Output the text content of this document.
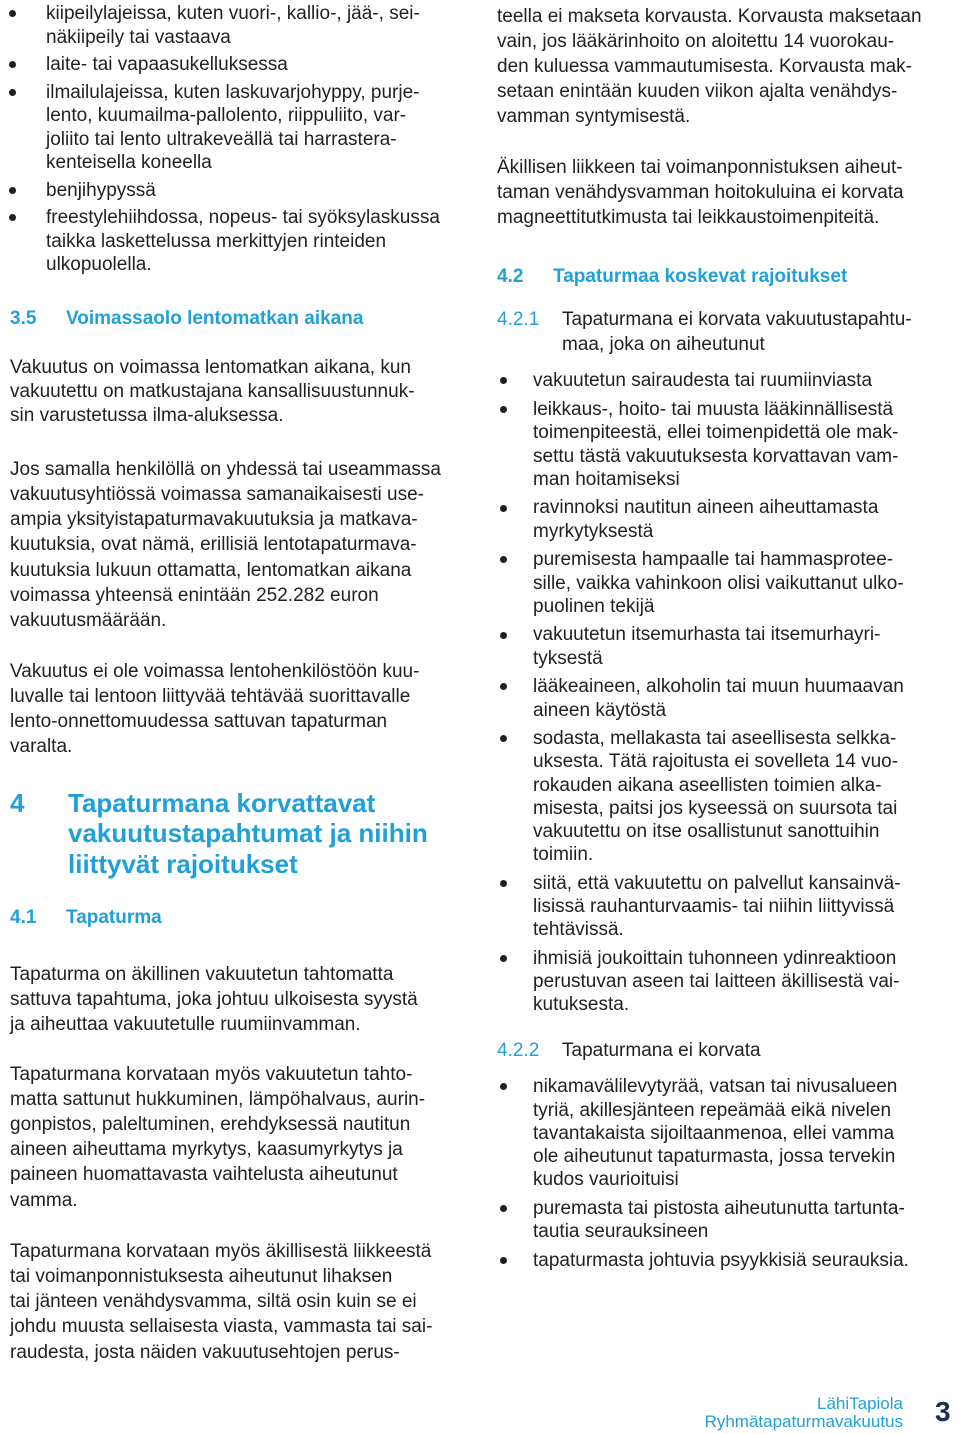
kiipeilylajeissa, kuten vuori-, kallio-, jää-, sei-
näkiipeily tai vastaava
laite- tai vapaasukelluksessa
ilmailulajeissa, kuten laskuvarjohyppy, purje-
lento, kuumailma-pallolento, riippuliito, var-
joliito tai lento ultrakeveällä tai harrastera-
kenteisella koneella
benjihypyssä
freestylehiihdossa, nopeus- tai syöksylaskussa
taikka laskettelussa merkittyjen rinteiden
ulkopuolella.
3.5	Voimassaolo lentomatkan aikana
Vakuutus on voimassa lentomatkan aikana, kun
vakuutettu on matkustajana kansallisuustunnuk-
sin varustetussa ilma-aluksessa.
Jos samalla henkilöllä on yhdessä tai useammassa
vakuutusyhtiössä voimassa samanaikaisesti use-
ampia yksityistapaturmavakuutuksia ja matkava-
kuutuksia, ovat nämä, erillisiä lentotapaturmava-
kuutuksia lukuun ottamatta, lentomatkan aikana
voimassa yhteensä enintään 252.282 euron
vakuutusmäärään.
Vakuutus ei ole voimassa lentohenkilöstöön kuu-
luvalle tai lentoon liittyvää tehtävää suorittavalle
lento-onnettomuudessa sattuvan tapaturman
varalta.
4	Tapaturmana korvattavat
vakuutustapahtumat ja niihin
liittyvät rajoitukset
4.1	Tapaturma
Tapaturma on äkillinen vakuutetun tahtomatta
sattuva tapahtuma, joka johtuu ulkoisesta syystä
ja aiheuttaa vakuutetulle ruumiinvamman.
Tapaturmana korvataan myös vakuutetun tahto-
matta sattunut hukkuminen, lämpöhalvaus, aurin-
gonpistos, paleltuminen, erehdyksessä nautitun
aineen aiheuttama myrkytys, kaasumyrkytys ja
paineen huomattavasta vaihtelusta aiheutunut
vamma.
Tapaturmana korvataan myös äkillisestä liikkeestä
tai voimanponnistuksesta aiheutunut lihaksen
tai jänteen venähdysvamma, siltä osin kuin se ei
johdu muusta sellaisesta viasta, vammasta tai sai-
raudesta, josta näiden vakuutusehtojen perus-
teella ei makseta korvausta. Korvausta maksetaan
vain, jos lääkärinhoito on aloitettu 14 vuorokau-
den kuluessa vammautumisesta. Korvausta mak-
setaan enintään kuuden viikon ajalta venähdys-
vamman syntymisestä.
Äkillisen liikkeen tai voimanponnistuksen aiheut-
taman venähdysvamman hoitokuluina ei korvata
magneettitutkimusta tai leikkaustoimenpiteitä.
4.2	Tapaturmaa koskevat rajoitukset
4.2.1	Tapaturmana ei korvata vakuutustapahtu-
maa, joka on aiheutunut
vakuutetun sairaudesta tai ruumiinviasta
leikkaus-, hoito- tai muusta lääkinnällisestä
toimenpiteestä, ellei toimenpidettä ole mak-
settu tästä vakuutuksesta korvattavan vam-
man hoitamiseksi
ravinnoksi nautitun aineen aiheuttamasta
myrkytyksestä
puremisesta hampaalle tai hammasprotee-
sille, vaikka vahinkoon olisi vaikuttanut ulko-
puolinen tekijä
vakuutetun itsemurhasta tai itsemurhayri-
tyksestä
lääkeaineen, alkoholin tai muun huumaavan
aineen käytöstä
sodasta, mellakasta tai aseellisesta selkka-
uksesta. Tätä rajoitusta ei sovelleta 14 vuo-
rokauden aikana aseellisten toimien alka-
misesta, paitsi jos kyseessä on suursota tai
vakuutettu on itse osallistunut sanottuihin
toimiin.
siitä, että vakuutettu on palvellut kansainvä-
lisissä rauhanturvaamis- tai niihin liittyvissä
tehtävissä.
ihmisiä joukoittain tuhonneen ydinreaktioon
perustuvan aseen tai laitteen äkillisestä vai-
kutuksesta.
4.2.2	Tapaturmana ei korvata
nikamavälilevytyrää, vatsan tai nivusalueen
tyriä, akillesjänteen repeämää eikä nivelen
tavantakaista sijoiltaanmenoa, ellei vamma
ole aiheutunut tapaturmasta, jossa tervekin
kudos vaurioituisi
puremasta tai pistosta aiheutunutta tartunta-
tautia seurauksineen
tapaturmasta johtuvia psyykkisiä seurauksia.
LähiTapiola
Ryhmätapaturmavakuutus 3
